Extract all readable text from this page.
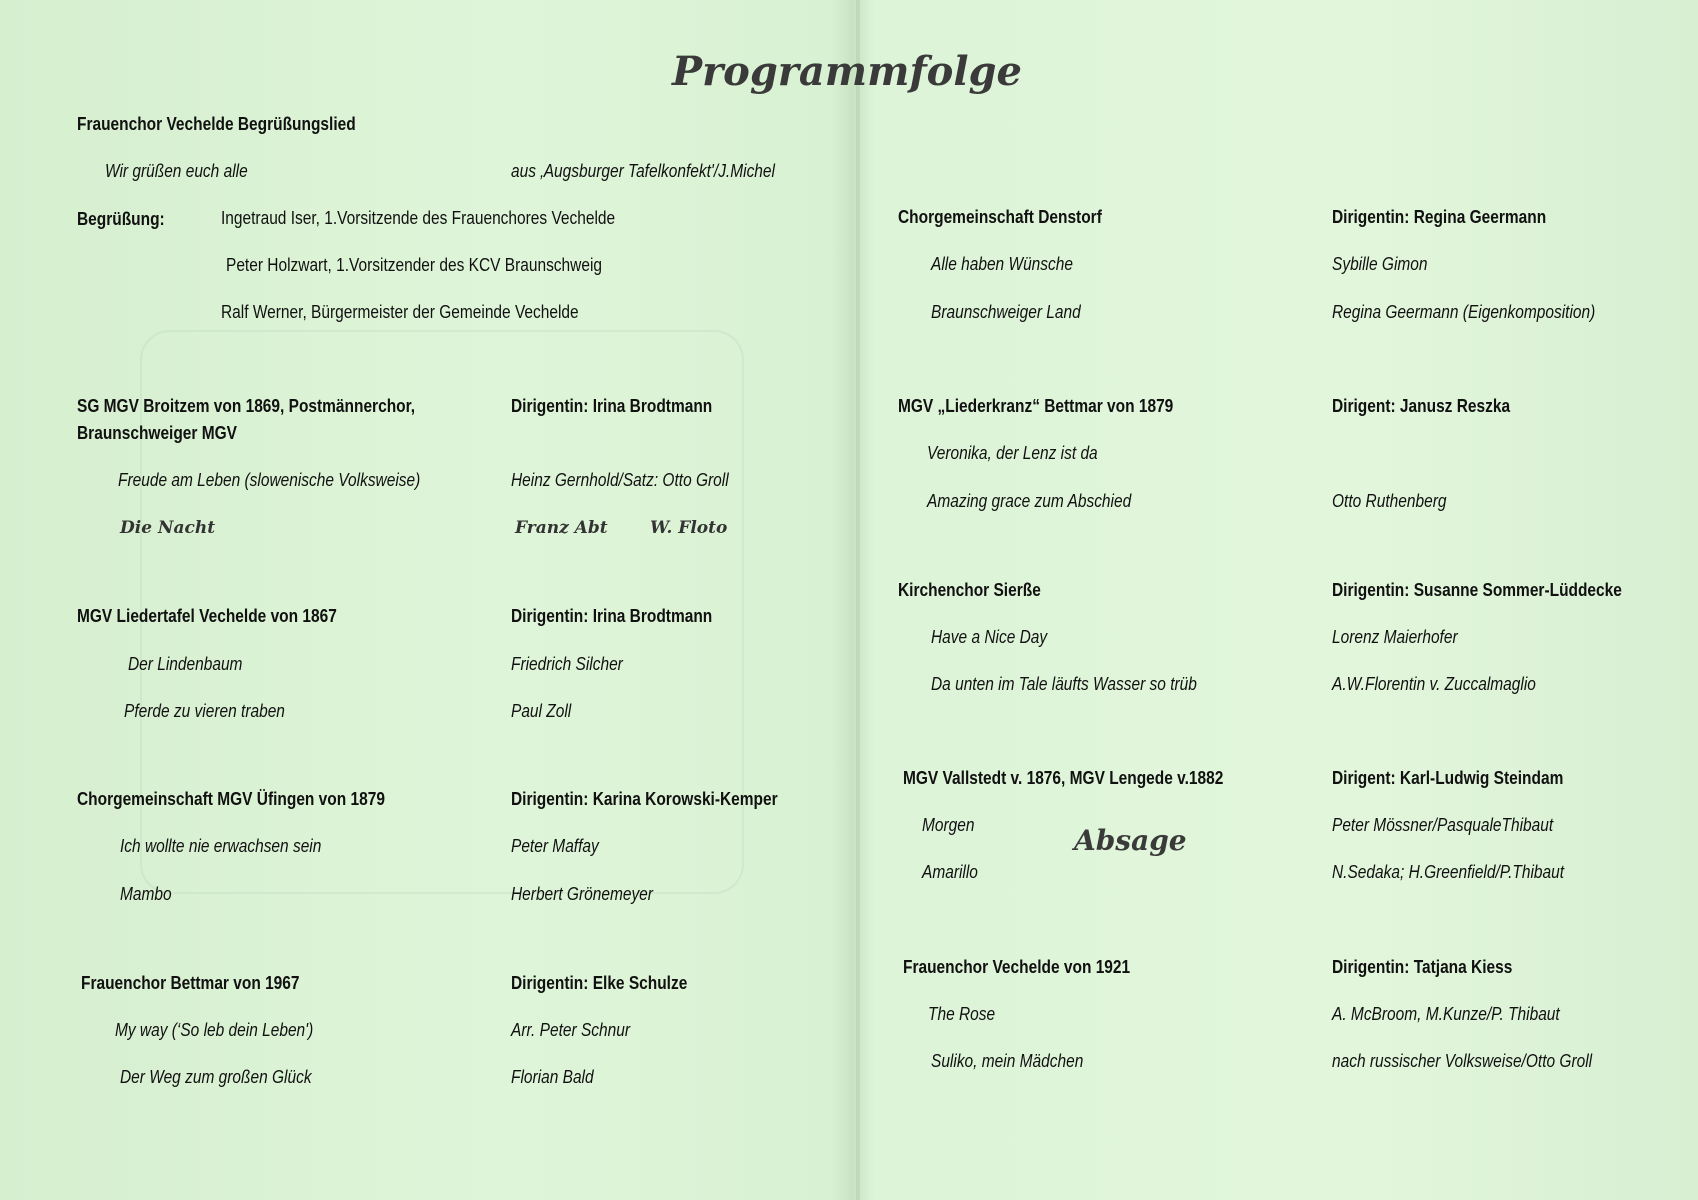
Programmfolge
Frauenchor Vechelde Begrüßungslied
Wir grüßen euch alle	aus ‚Augsburger Tafelkonfekt'/J.Michel
Begrüßung:	Ingetraud Iser, 1.Vorsitzende des Frauenchores Vechelde
Peter Holzwart, 1.Vorsitzender des KCV Braunschweig
Ralf Werner, Bürgermeister der Gemeinde Vechelde
SG MGV Broitzem von 1869, Postmännerchor,
Braunschweiger MGV
Dirigentin: Irina Brodtmann
Freude am Leben (slowenische Volksweise)	Heinz Gernhold/Satz: Otto Groll
Die Nacht	Franz Abt W. Floto
MGV Liedertafel Vechelde von 1867	Dirigentin: Irina Brodtmann
Der Lindenbaum	Friedrich Silcher
Pferde zu vieren traben	Paul Zoll
Chorgemeinschaft MGV Üfingen von 1879	Dirigentin: Karina Korowski-Kemper
Ich wollte nie erwachsen sein	Peter Maffay
Mambo	Herbert Grönemeyer
Frauenchor Bettmar von 1967	Dirigentin: Elke Schulze
My way (‘So leb dein Leben')	Arr. Peter Schnur
Der Weg zum großen Glück	Florian Bald
Chorgemeinschaft Denstorf	Dirigentin: Regina Geermann
Alle haben Wünsche	Sybille Gimon
Braunschweiger Land	Regina Geermann (Eigenkomposition)
MGV „Liederkranz“ Bettmar von 1879	Dirigent: Janusz Reszka
Veronika, der Lenz ist da
Amazing grace zum Abschied	Otto Ruthenberg
Kirchenchor Sierße	Dirigentin: Susanne Sommer-Lüddecke
Have a Nice Day	Lorenz Maierhofer
Da unten im Tale läufts Wasser so trüb	A.W.Florentin v. Zuccalmaglio
MGV Vallstedt v. 1876, MGV Lengede v.1882	Dirigent: Karl-Ludwig Steindam
Morgen	Peter Mössner/PasqualeThibaut
Amarillo	N.Sedaka; H.Greenfield/P.Thibaut
Absage
Frauenchor Vechelde von 1921	Dirigentin: Tatjana Kiess
The Rose	A. McBroom, M.Kunze/P. Thibaut
Suliko, mein Mädchen	nach russischer Volksweise/Otto Groll
